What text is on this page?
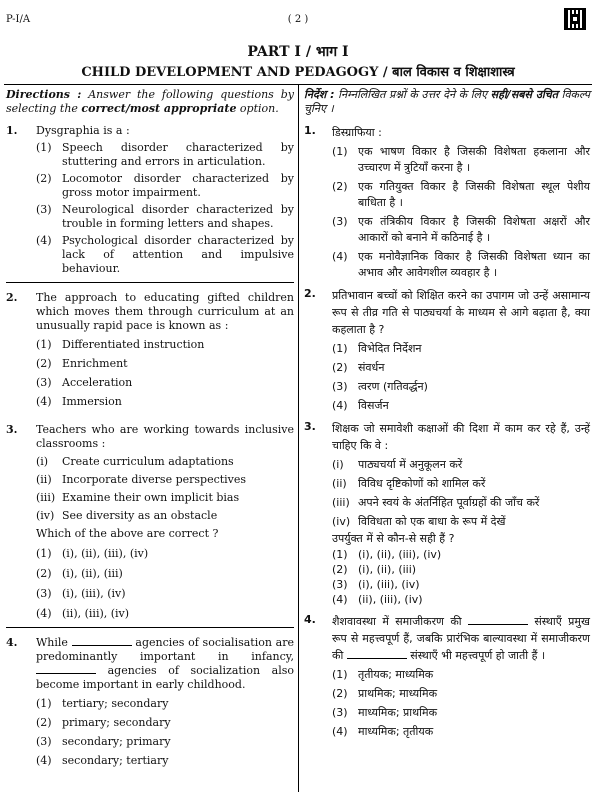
P-I/A	( 2 )
PART I / भाग I
CHILD DEVELOPMENT AND PEDAGOGY / बाल विकास व शिक्षाशास्त्र
Directions : Answer the following questions by selecting the correct/most appropriate option.
1. Dysgraphia is a :
(1) Speech disorder characterized by stuttering and errors in articulation.
(2) Locomotor disorder characterized by gross motor impairment.
(3) Neurological disorder characterized by trouble in forming letters and shapes.
(4) Psychological disorder characterized by lack of attention and impulsive behaviour.
2. The approach to educating gifted children which moves them through curriculum at an unusually rapid pace is known as :
(1) Differentiated instruction
(2) Enrichment
(3) Acceleration
(4) Immersion
3. Teachers who are working towards inclusive classrooms :
(i) Create curriculum adaptations
(ii) Incorporate diverse perspectives
(iii) Examine their own implicit bias
(iv) See diversity as an obstacle
Which of the above are correct ?
(1) (i), (ii), (iii), (iv)
(2) (i), (ii), (iii)
(3) (i), (iii), (iv)
(4) (ii), (iii), (iv)
4. While	agencies of socialisation are predominantly important in infancy,  agencies of socialization also become important in early childhood.
(1) tertiary; secondary
(2) primary; secondary
(3) secondary; primary
(4) secondary; tertiary
निर्देश : निम्नलिखित प्रश्नों के उत्तर देने के लिए सही/सबसे उचित विकल्प चुनिए ।
1. डिस्ग्राफिया :
(1) एक भाषण विकार है जिसकी विशेषता हकलाना और उच्चारण में त्रुटियाँ करना है ।
(2) एक गतियुक्त विकार है जिसकी विशेषता स्थूल पेशीय बाधिता है ।
(3) एक तंत्रिकीय विकार है जिसकी विशेषता अक्षरों और आकारों को बनाने में कठिनाई है ।
(4) एक मनोवैज्ञानिक विकार है जिसकी विशेषता ध्यान का अभाव और आवेगशील व्यवहार है ।
2. प्रतिभावान बच्चों को शिक्षित करने का उपागम जो उन्हें असामान्य रूप से तीव्र गति से पाठ्यचर्या के माध्यम से आगे बढ़ाता है, क्या कहलाता है ?
(1) विभेदित निर्देशन
(2) संवर्धन
(3) त्वरण (गतिवर्द्धन)
(4) विसर्जन
3. शिक्षक जो समावेशी कक्षाओं की दिशा में काम कर रहे हैं, उन्हें चाहिए कि वे :
(i) पाठ्यचर्या में अनुकूलन करें
(ii) विविध दृष्टिकोणों को शामिल करें
(iii) अपने स्वयं के अंतर्निहित पूर्वाग्रहों की जाँच करें
(iv) विविधता को एक बाधा के रूप में देखें
उपर्युक्त में से कौन-से सही हैं ?
(1) (i), (ii), (iii), (iv)
(2) (i), (ii), (iii)
(3) (i), (iii), (iv)
(4) (ii), (iii), (iv)
4. शैशवावस्था में समाजीकरण की	संस्थाएँ प्रमुख रूप से महत्त्वपूर्ण हैं, जबकि प्रारंभिक बाल्यावस्था में समाजीकरण की	संस्थाएँ भी महत्त्वपूर्ण हो जाती हैं ।
(1) तृतीयक; माध्यमिक
(2) प्राथमिक; माध्यमिक
(3) माध्यमिक; प्राथमिक
(4) माध्यमिक; तृतीयक
